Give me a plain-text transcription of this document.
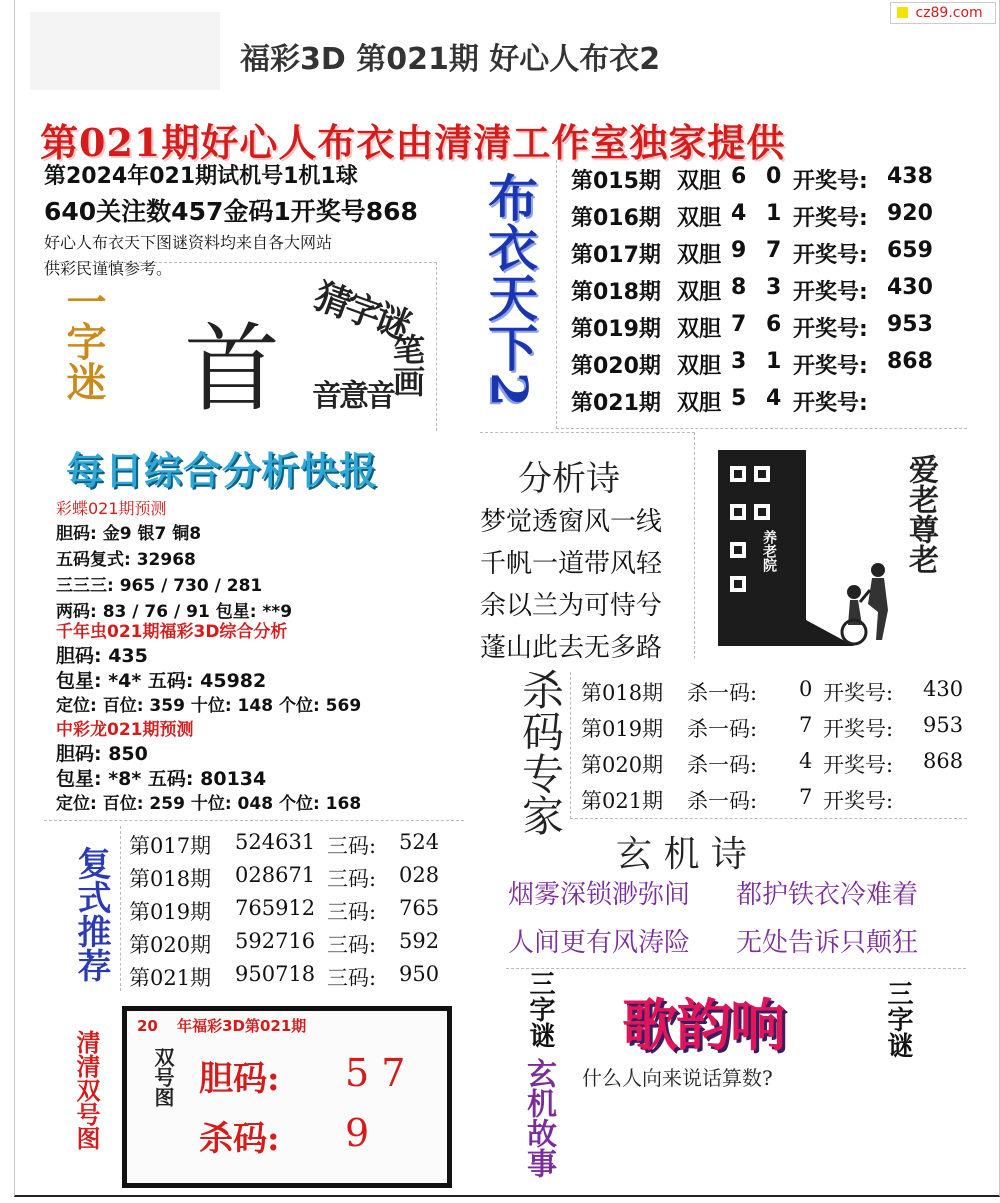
cz89.com
福彩3D 第021期 好心人布衣2
第021期好心人布衣由清清工作室独家提供
第2024年021期试机号1机1球
640关注数457金码1开奖号868
好心人布衣天下图谜资料均来自各大网站
供彩民谨慎参考。
一字迷 首
猜字谜
笔画
音意音 布衣天下2 第015期 双胆 6 0 开奖号: 438
第016期 双胆 4 1 开奖号: 920
第017期 双胆 9 7 开奖号: 659
第018期 双胆 8 3 开奖号: 430
第019期 双胆 7 6 开奖号: 953
第020期 双胆 3 1 开奖号: 868
第021期 双胆 5 4 开奖号:
每日综合分析快报
彩蝶021期预测
胆码: 金9 银7 铜8
五码复式: 32968
三三三: 965 / 730 / 281
两码: 83 / 76 / 91 包星: **9
千年虫021期福彩3D综合分析
胆码: 435
包星: *4* 五码: 45982
定位: 百位: 359 十位: 148 个位: 569
中彩龙021期预测
胆码: 850
包星: *8* 五码: 80134
定位: 百位: 259 十位: 048 个位: 168
分析诗
梦觉透窗风一线
千帆一道带风轻
余以兰为可恃兮
蓬山此去无多路
养老院	爱老尊老
杀码专家 第018期 杀一码: 0 开奖号: 430
第019期 杀一码: 7 开奖号: 953
第020期 杀一码: 4 开奖号: 868
第021期 杀一码: 7 开奖号:
复式推荐 第017期 524631 三码: 524
第018期 028671 三码: 028
第019期 765912 三码: 765
第020期 592716 三码: 592
第021期 950718 三码: 950
玄 机 诗
烟雾深锁渺弥间 都护铁衣冷难着
人间更有风涛险 无处告诉只颠狂
清清双号图
20 年福彩3D第021期
双号图 胆码: 5 7
杀码: 9
三字谜
玄机故事
歌韵响	三字谜
什么人向来说话算数?
